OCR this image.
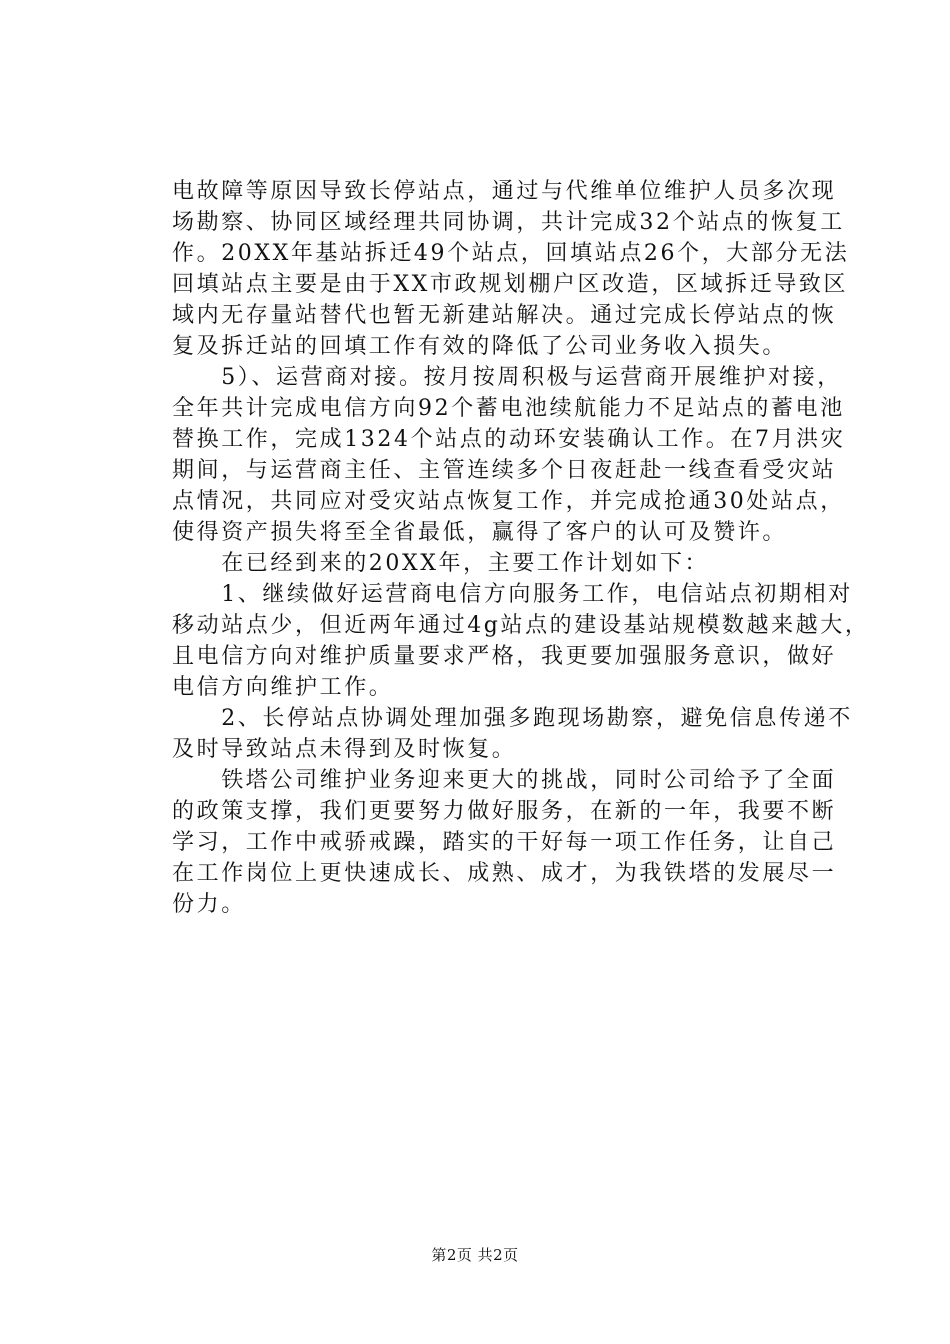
电故障等原因导致长停站点，通过与代维单位维护人员多次现
场勘察、协同区域经理共同协调，共计完成32个站点的恢复工
作。20XX年基站拆迁49个站点，回填站点26个，大部分无法
回填站点主要是由于XX市政规划棚户区改造，区域拆迁导致区
域内无存量站替代也暂无新建站解决。通过完成长停站点的恢
复及拆迁站的回填工作有效的降低了公司业务收入损失。
　　5）、运营商对接。按月按周积极与运营商开展维护对接，
全年共计完成电信方向92个蓄电池续航能力不足站点的蓄电池
替换工作，完成1324个站点的动环安装确认工作。在7月洪灾
期间，与运营商主任、主管连续多个日夜赶赴一线查看受灾站
点情况，共同应对受灾站点恢复工作，并完成抢通30处站点，
使得资产损失将至全省最低，赢得了客户的认可及赞许。
　　在已经到来的20XX年，主要工作计划如下：
　　1、继续做好运营商电信方向服务工作，电信站点初期相对
移动站点少，但近两年通过4g站点的建设基站规模数越来越大，
且电信方向对维护质量要求严格，我更要加强服务意识，做好
电信方向维护工作。
　　2、长停站点协调处理加强多跑现场勘察，避免信息传递不
及时导致站点未得到及时恢复。
　　铁塔公司维护业务迎来更大的挑战，同时公司给予了全面
的政策支撑，我们更要努力做好服务，在新的一年，我要不断
学习，工作中戒骄戒躁，踏实的干好每一项工作任务，让自己
在工作岗位上更快速成长、成熟、成才，为我铁塔的发展尽一
份力。
第2页 共2页
